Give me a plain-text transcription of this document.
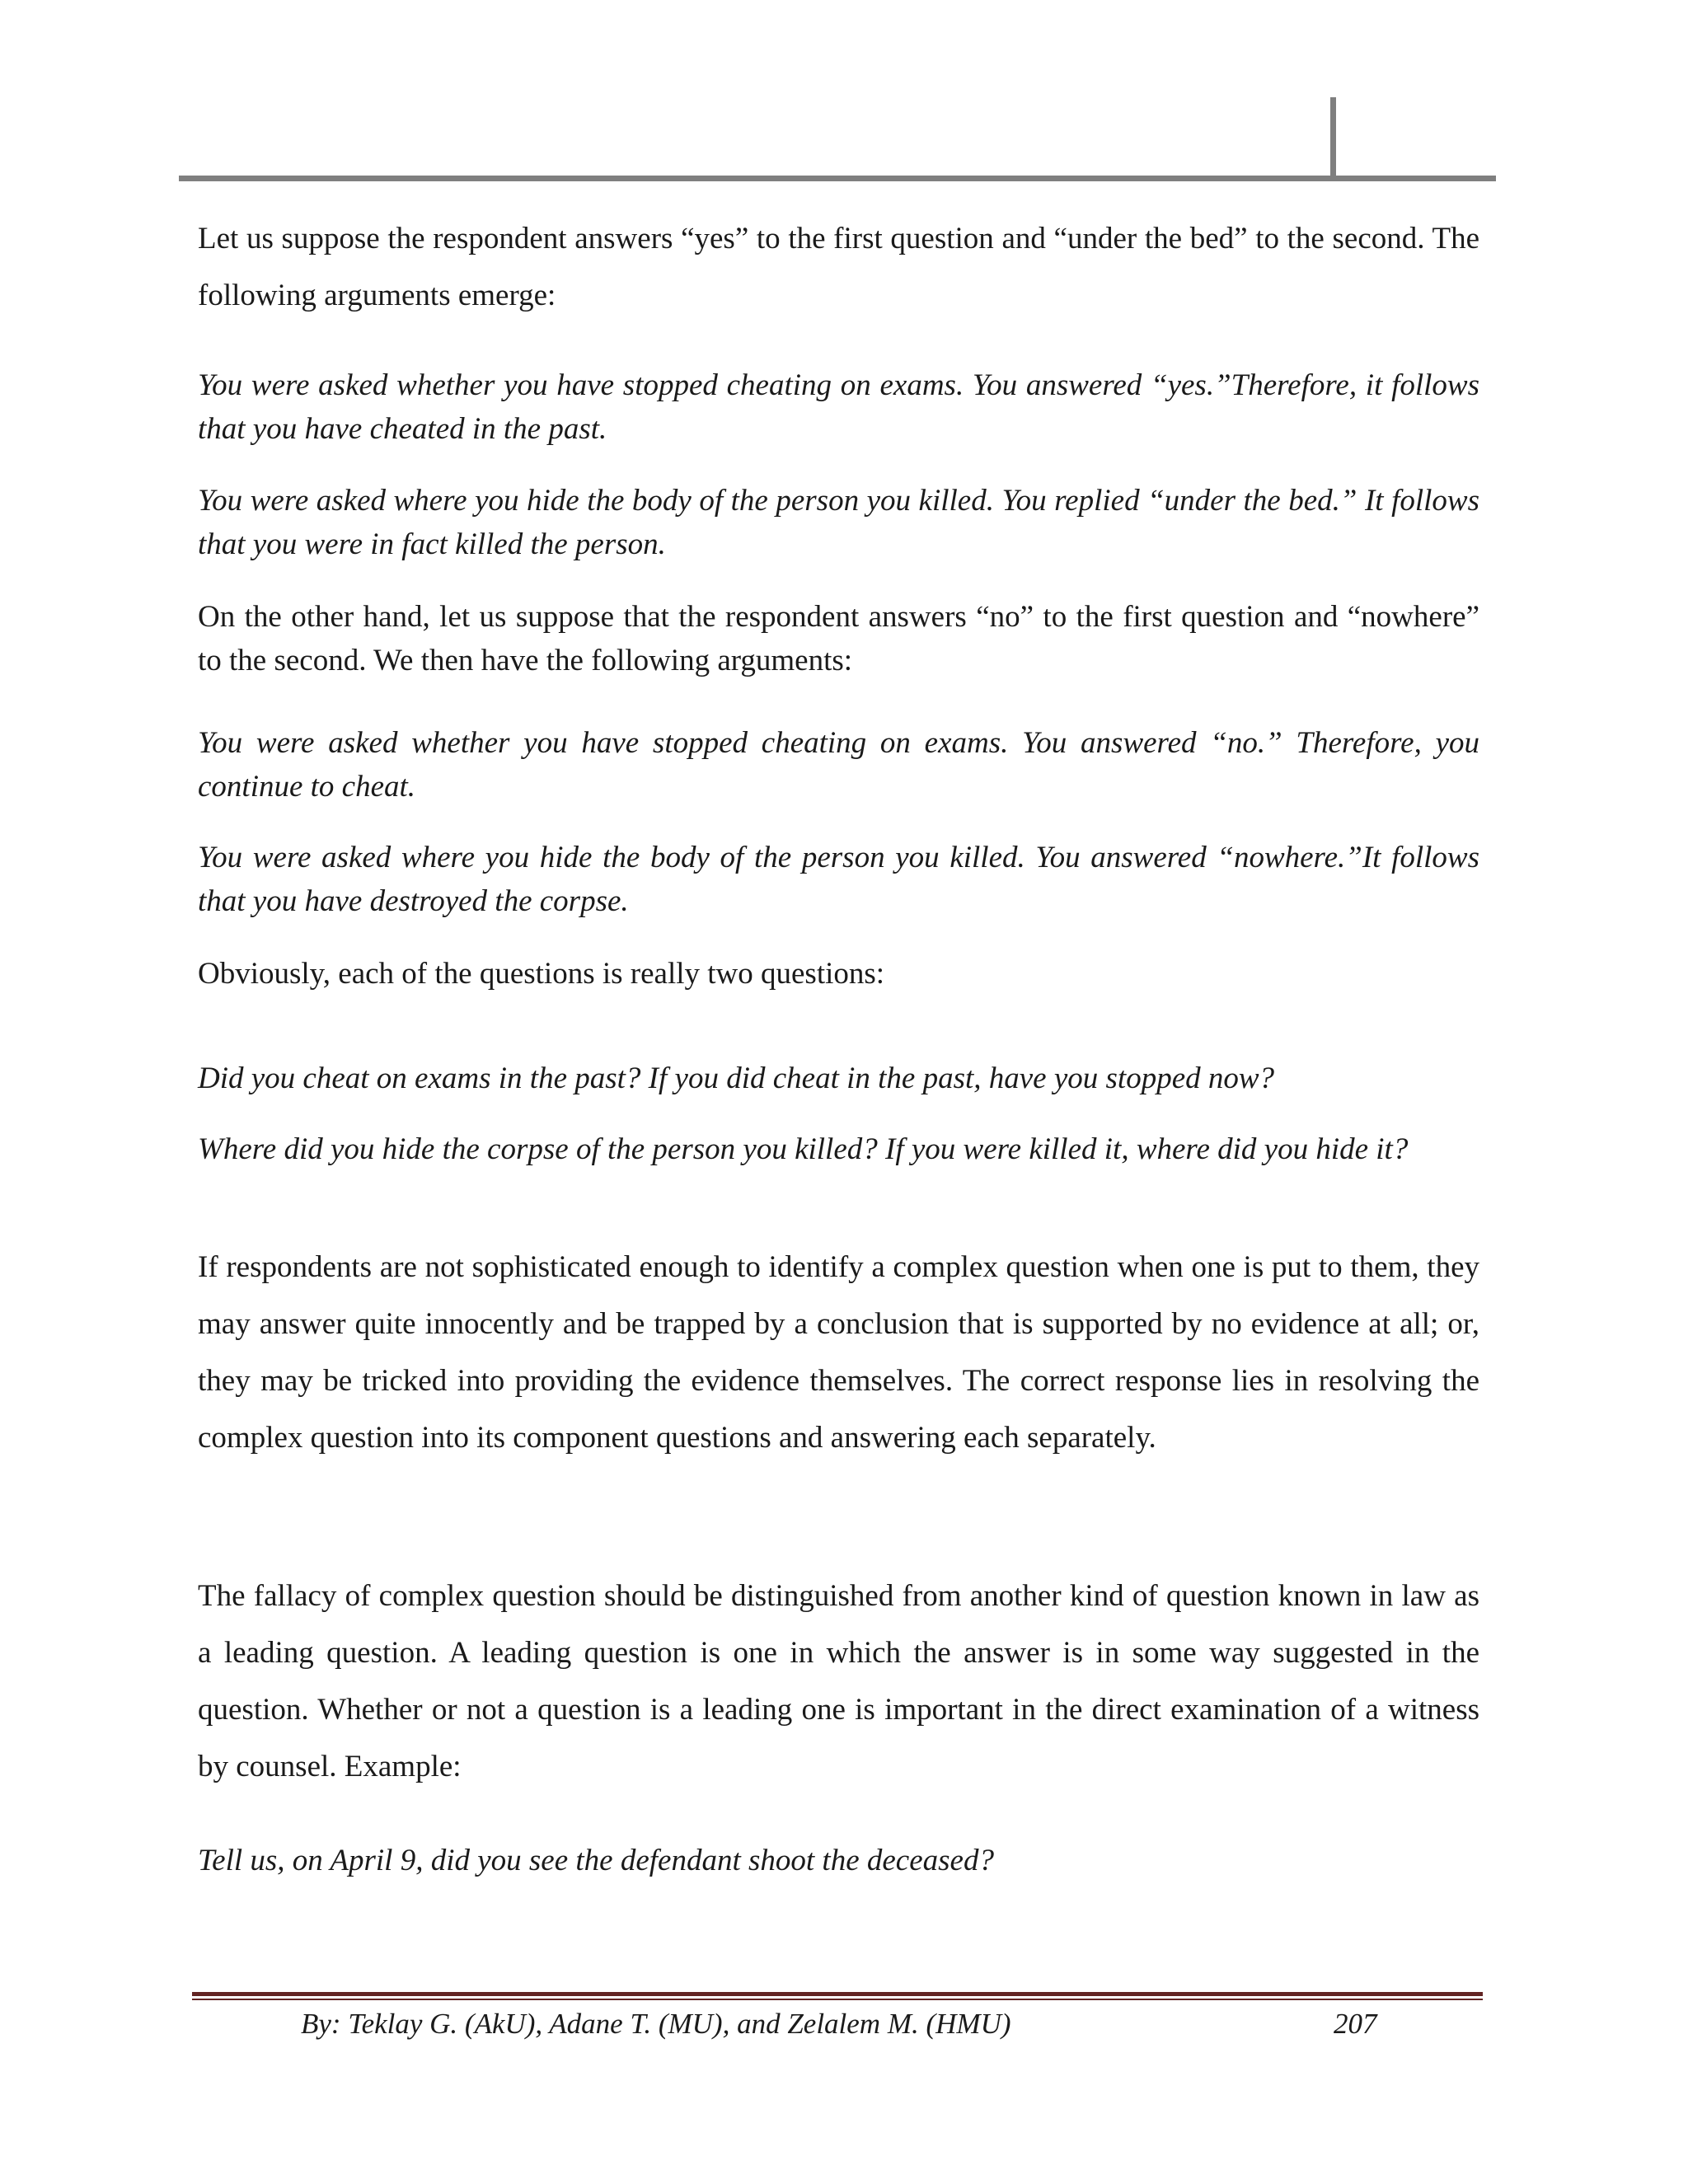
Let us suppose the respondent answers “yes” to the first question and “under the bed” to the second. The following arguments emerge:

You were asked whether you have stopped cheating on exams. You answered “yes.”Therefore, it follows that you have cheated in the past.

You were asked where you hide the body of the person you killed. You replied “under the bed.” It follows that you were in fact killed the person.

On the other hand, let us suppose that the respondent answers “no” to the first question and “nowhere” to the second. We then have the following arguments:

You were asked whether you have stopped cheating on exams. You answered “no.” Therefore, you continue to cheat.

You were asked where you hide the body of the person you killed. You answered “nowhere.”It follows that you have destroyed the corpse.

Obviously, each of the questions is really two questions:

Did you cheat on exams in the past? If you did cheat in the past, have you stopped now?

Where did you hide the corpse of the person you killed? If you were killed it, where did you hide it?

If respondents are not sophisticated enough to identify a complex question when one is put to them, they may answer quite innocently and be trapped by a conclusion that is supported by no evidence at all; or, they may be tricked into providing the evidence themselves. The correct response lies in resolving the complex question into its component questions and answering each separately.

The fallacy of complex question should be distinguished from another kind of question known in law as a leading question. A leading question is one in which the answer is in some way suggested in the question. Whether or not a question is a leading one is important in the direct examination of a witness by counsel. Example:

Tell us, on April 9, did you see the defendant shoot the deceased?

By: Teklay G. (AkU), Adane T. (MU), and Zelalem M. (HMU)	207
